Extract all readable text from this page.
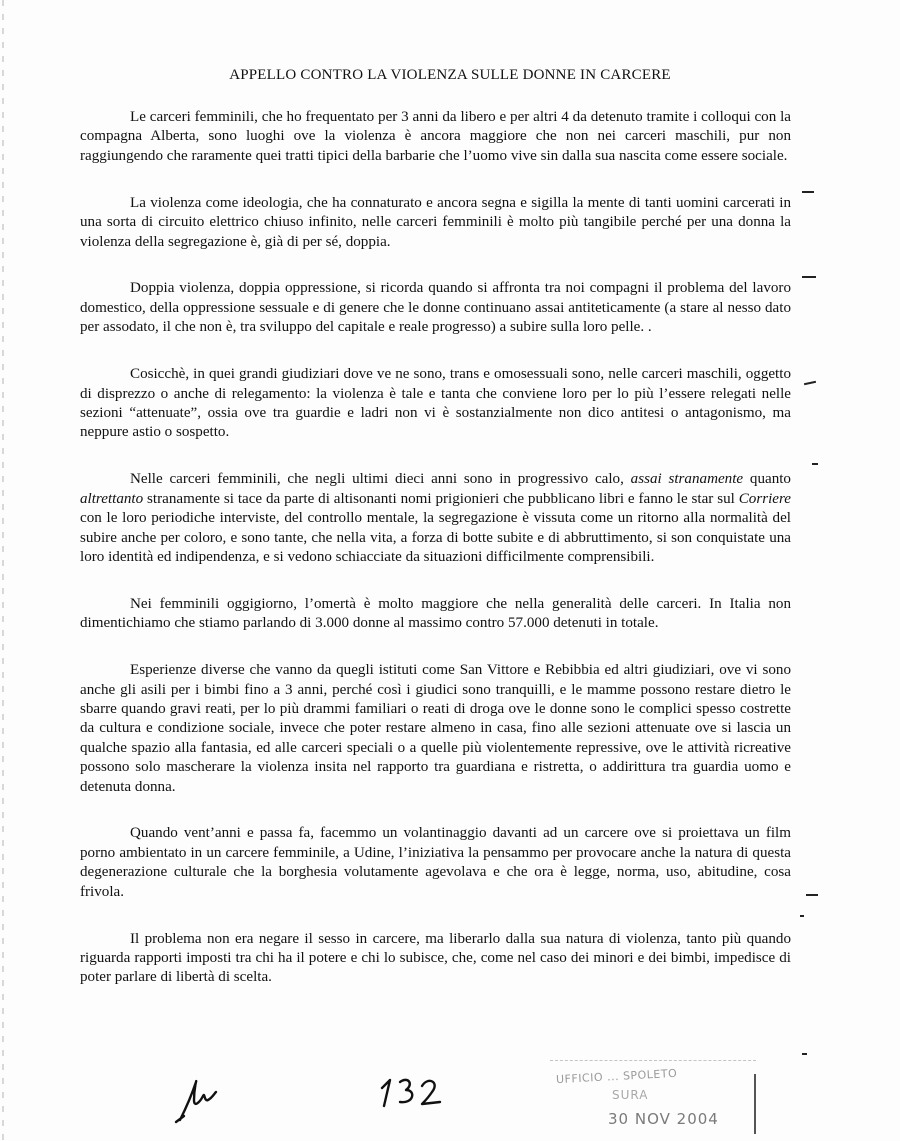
APPELLO CONTRO LA VIOLENZA SULLE DONNE IN CARCERE

Le carceri femminili, che ho frequentato per 3 anni da libero e per altri 4 da detenuto tramite i colloqui con la compagna Alberta, sono luoghi ove la violenza è ancora maggiore che non nei carceri maschili, pur non raggiungendo che raramente quei tratti tipici della barbarie che l’uomo vive sin dalla sua nascita come essere sociale.

La violenza come ideologia, che ha connaturato e ancora segna e sigilla la mente di tanti uomini carcerati in una sorta di circuito elettrico chiuso infinito, nelle carceri femminili è molto più tangibile perché per una donna la violenza della segregazione è, già di per sé, doppia.

Doppia violenza, doppia oppressione, si ricorda quando si affronta tra noi compagni il problema del lavoro domestico, della oppressione sessuale e di genere che le donne continuano assai antiteticamente (a stare al nesso dato per assodato, il che non è, tra sviluppo del capitale e reale progresso) a subire sulla loro pelle. .

Cosicchè, in quei grandi giudiziari dove ve ne sono, trans e omosessuali sono, nelle carceri maschili, oggetto di disprezzo o anche di relegamento: la violenza è tale e tanta che conviene loro per lo più l’essere relegati nelle sezioni “attenuate”, ossia ove tra guardie e ladri non vi è sostanzialmente non dico antitesi o antagonismo, ma neppure astio o sospetto.

Nelle carceri femminili, che negli ultimi dieci anni sono in progressivo calo, assai stranamente quanto altrettanto stranamente si tace da parte di altisonanti nomi prigionieri che pubblicano libri e fanno le star sul Corriere con le loro periodiche interviste, del controllo mentale, la segregazione è vissuta come un ritorno alla normalità del subire anche per coloro, e sono tante, che nella vita, a forza di botte subite e di abbruttimento, si son conquistate una loro identità ed indipendenza, e si vedono schiacciate da situazioni difficilmente comprensibili.

Nei femminili oggigiorno, l’omertà è molto maggiore che nella generalità delle carceri. In Italia non dimentichiamo che stiamo parlando di 3.000 donne al massimo contro 57.000 detenuti in totale.

Esperienze diverse che vanno da quegli istituti come San Vittore e Rebibbia ed altri giudiziari, ove vi sono anche gli asili per i bimbi fino a 3 anni, perché così i giudici sono tranquilli, e le mamme possono restare dietro le sbarre quando gravi reati, per lo più drammi familiari o reati di droga ove le donne sono le complici spesso costrette da cultura e condizione sociale, invece che poter restare almeno in casa, fino alle sezioni attenuate ove si lascia un qualche spazio alla fantasia, ed alle carceri speciali o a quelle più violentemente repressive, ove le attività ricreative possono solo mascherare la violenza insita nel rapporto tra guardiana e ristretta, o addirittura tra guardia uomo e detenuta donna.

Quando vent’anni e passa fa, facemmo un volantinaggio davanti ad un carcere ove si proiettava un film porno ambientato in un carcere femminile, a Udine, l’iniziativa la pensammo per provocare anche la natura di questa degenerazione culturale che la borghesia volutamente agevolava e che ora è legge, norma, uso, abitudine, cosa frivola.

Il problema non era negare il sesso in carcere, ma liberarlo dalla sua natura di violenza, tanto più quando riguarda rapporti imposti tra chi ha il potere e chi lo subisce, che, come nel caso dei minori e dei bimbi, impedisce di poter parlare di libertà di scelta.

UFFICIO ... SPOLETO
SURA
30 NOV 2004
